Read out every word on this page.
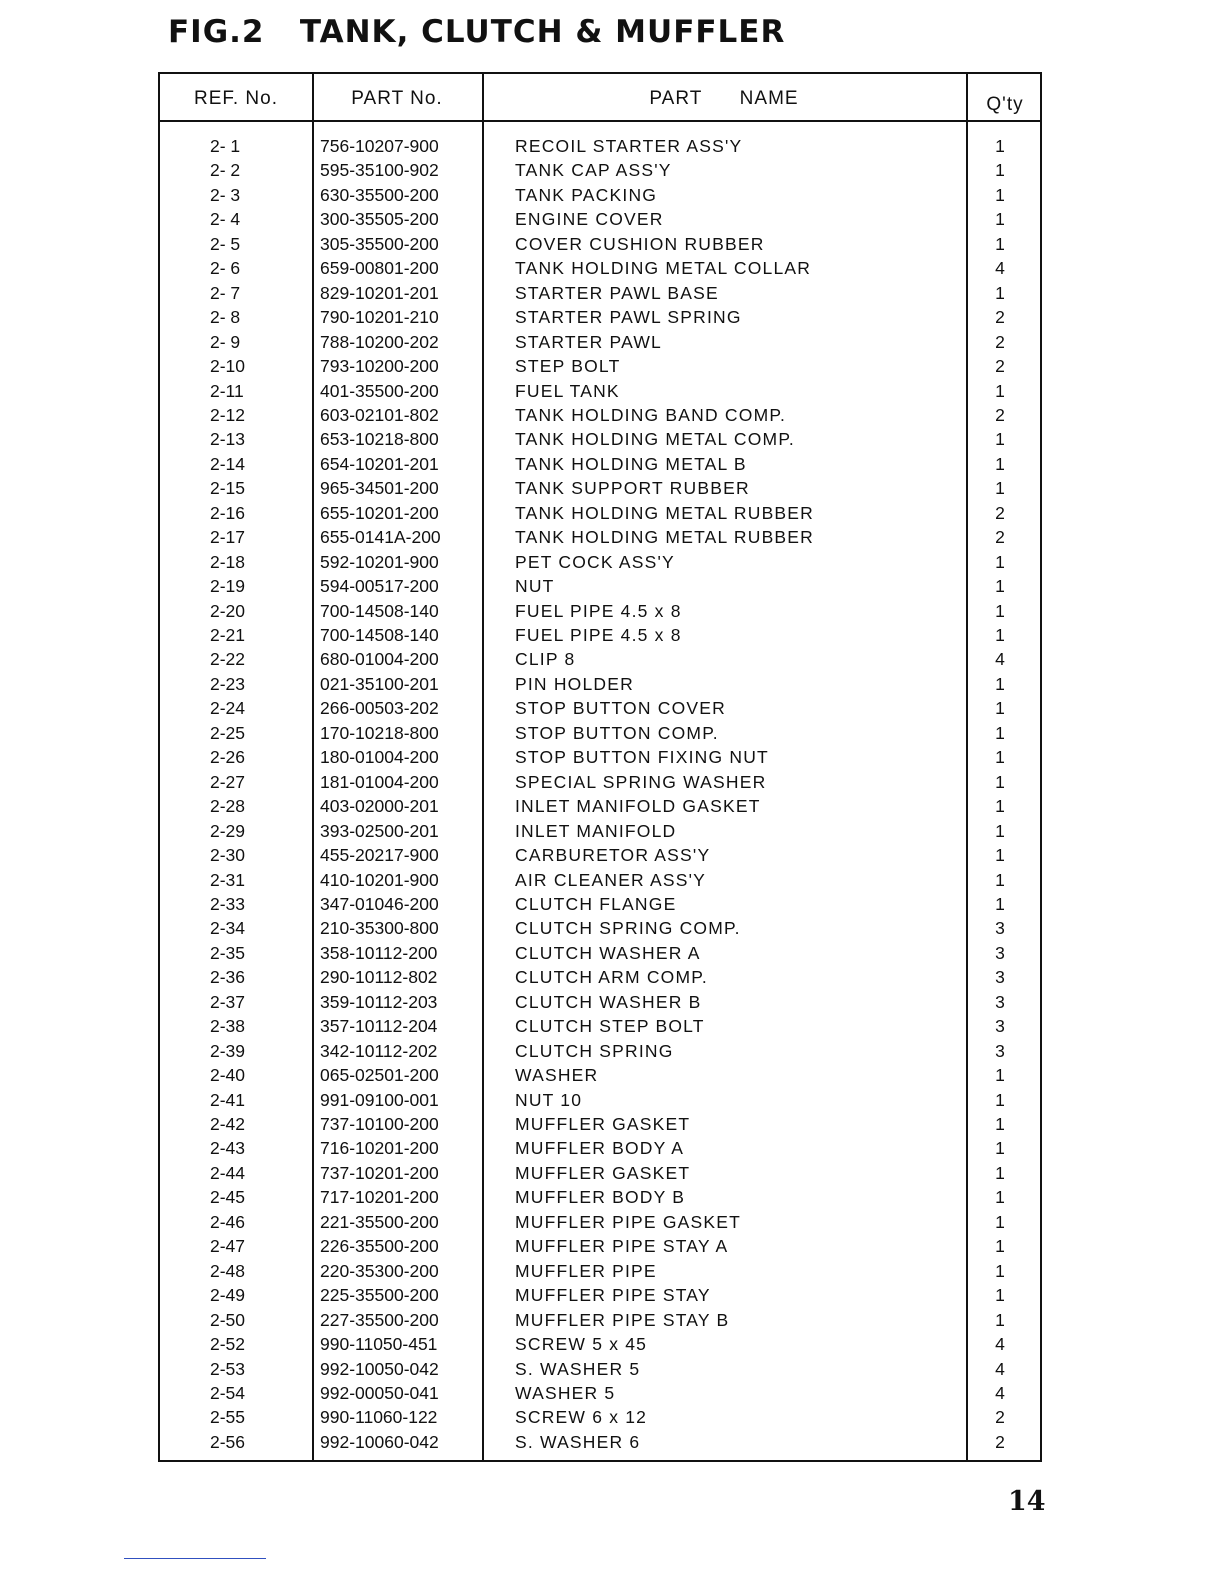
FIG.2   TANK, CLUTCH & MUFFLER
REF. No.	PART No.	PART      NAME	Q'ty
2- 1	756-10207-900	RECOIL STARTER ASS'Y	1
2- 2	595-35100-902	TANK CAP ASS'Y	1
2- 3	630-35500-200	TANK PACKING	1
2- 4	300-35505-200	ENGINE COVER	1
2- 5	305-35500-200	COVER CUSHION RUBBER	1
2- 6	659-00801-200	TANK HOLDING METAL COLLAR	4
2- 7	829-10201-201	STARTER PAWL BASE	1
2- 8	790-10201-210	STARTER PAWL SPRING	2
2- 9	788-10200-202	STARTER PAWL	2
2-10	793-10200-200	STEP BOLT	2
2-11	401-35500-200	FUEL TANK	1
2-12	603-02101-802	TANK HOLDING BAND COMP.	2
2-13	653-10218-800	TANK HOLDING METAL COMP.	1
2-14	654-10201-201	TANK HOLDING METAL B	1
2-15	965-34501-200	TANK SUPPORT RUBBER	1
2-16	655-10201-200	TANK HOLDING METAL RUBBER	2
2-17	655-0141A-200	TANK HOLDING METAL RUBBER	2
2-18	592-10201-900	PET COCK ASS'Y	1
2-19	594-00517-200	NUT	1
2-20	700-14508-140	FUEL PIPE 4.5 x 8	1
2-21	700-14508-140	FUEL PIPE 4.5 x 8	1
2-22	680-01004-200	CLIP 8	4
2-23	021-35100-201	PIN HOLDER	1
2-24	266-00503-202	STOP BUTTON COVER	1
2-25	170-10218-800	STOP BUTTON COMP.	1
2-26	180-01004-200	STOP BUTTON FIXING NUT	1
2-27	181-01004-200	SPECIAL SPRING WASHER	1
2-28	403-02000-201	INLET MANIFOLD GASKET	1
2-29	393-02500-201	INLET MANIFOLD	1
2-30	455-20217-900	CARBURETOR ASS'Y	1
2-31	410-10201-900	AIR CLEANER ASS'Y	1
2-33	347-01046-200	CLUTCH FLANGE	1
2-34	210-35300-800	CLUTCH SPRING COMP.	3
2-35	358-10112-200	CLUTCH WASHER A	3
2-36	290-10112-802	CLUTCH ARM COMP.	3
2-37	359-10112-203	CLUTCH WASHER B	3
2-38	357-10112-204	CLUTCH STEP BOLT	3
2-39	342-10112-202	CLUTCH SPRING	3
2-40	065-02501-200	WASHER	1
2-41	991-09100-001	NUT 10	1
2-42	737-10100-200	MUFFLER GASKET	1
2-43	716-10201-200	MUFFLER BODY A	1
2-44	737-10201-200	MUFFLER GASKET	1
2-45	717-10201-200	MUFFLER BODY B	1
2-46	221-35500-200	MUFFLER PIPE GASKET	1
2-47	226-35500-200	MUFFLER PIPE STAY A	1
2-48	220-35300-200	MUFFLER PIPE	1
2-49	225-35500-200	MUFFLER PIPE STAY	1
2-50	227-35500-200	MUFFLER PIPE STAY B	1
2-52	990-11050-451	SCREW 5 x 45	4
2-53	992-10050-042	S. WASHER 5	4
2-54	992-00050-041	WASHER 5	4
2-55	990-11060-122	SCREW 6 x 12	2
2-56	992-10060-042	S. WASHER 6	2
14
